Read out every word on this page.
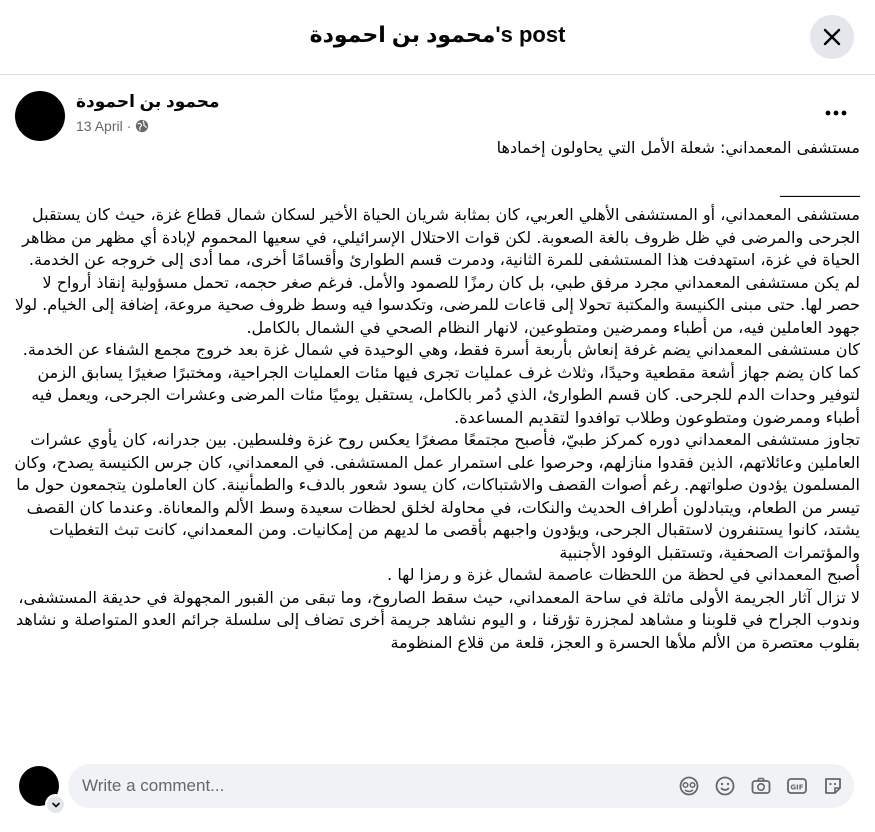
محمود بن احمودة's post
محمود بن احمودة
13 April ·

مستشفى المعمداني: شعلة الأمل التي يحاولون إخمادها

__________

مستشفى المعمداني، أو المستشفى الأهلي العربي، كان بمثابة شريان الحياة الأخير لسكان شمال قطاع غزة، حيث كان يستقبل الجرحى والمرضى في ظل ظروف بالغة الصعوبة. لكن قوات الاحتلال الإسرائيلي، في سعيها المحموم لإبادة أي مظهر من مظاهر الحياة في غزة، استهدفت هذا المستشفى للمرة الثانية، ودمرت قسم الطوارئ وأقسامًا أخرى، مما أدى إلى خروجه عن الخدمة.

لم يكن مستشفى المعمداني مجرد مرفق طبي، بل كان رمزًا للصمود والأمل. فرغم صغر حجمه، تحمل مسؤولية إنقاذ أرواح لا حصر لها. حتى مبنى الكنيسة والمكتبة تحولا إلى قاعات للمرضى، وتكدسوا فيه وسط ظروف صحية مروعة، إضافة إلى الخيام. لولا جهود العاملين فيه، من أطباء وممرضين ومتطوعين، لانهار النظام الصحي في الشمال بالكامل.

كان مستشفى المعمداني يضم غرفة إنعاش بأربعة أسرة فقط، وهي الوحيدة في شمال غزة بعد خروج مجمع الشفاء عن الخدمة. كما كان يضم جهاز أشعة مقطعية وحيدًا، وثلاث غرف عمليات تجرى فيها مئات العمليات الجراحية، ومختبرًا صغيرًا يسابق الزمن لتوفير وحدات الدم للجرحى. كان قسم الطوارئ، الذي دُمر بالكامل، يستقبل يوميًا مئات المرضى وعشرات الجرحى، ويعمل فيه أطباء وممرضون ومتطوعون وطلاب توافدوا لتقديم المساعدة.

تجاوز مستشفى المعمداني دوره كمركز طبيّ، فأصبح مجتمعًا مصغرًا يعكس روح غزة وفلسطين. بين جدرانه، كان يأوي عشرات العاملين وعائلاتهم، الذين فقدوا منازلهم، وحرصوا على استمرار عمل المستشفى. في المعمداني، كان جرس الكنيسة يصدح، وكان المسلمون يؤدون صلواتهم. رغم أصوات القصف والاشتباكات، كان يسود شعور بالدفء والطمأنينة. كان العاملون يتجمعون حول ما تيسر من الطعام، ويتبادلون أطراف الحديث والنكات، في محاولة لخلق لحظات سعيدة وسط الألم والمعاناة. وعندما كان القصف يشتد، كانوا يستنفرون لاستقبال الجرحى، ويؤدون واجبهم بأقصى ما لديهم من إمكانيات. ومن المعمداني، كانت تبث التغطيات والمؤتمرات الصحفية، وتستقبل الوفود الأجنبية

أصبح المعمداني في لحظة من اللحظات عاصمة لشمال غزة و رمزا لها .

لا تزال آثار الجريمة الأولى ماثلة في ساحة المعمداني، حيث سقط الصاروخ، وما تبقى من القبور المجهولة في حديقة المستشفى، وندوب الجراح في قلوبنا و مشاهد لمجزرة تؤرقنا ، و اليوم نشاهد جريمة أخرى تضاف إلى سلسلة جرائم العدو المتواصلة و نشاهد بقلوب معتصرة من الألم ملأها الحسرة و العجز، قلعة من قلاع المنظومة

Write a comment...
GIF
